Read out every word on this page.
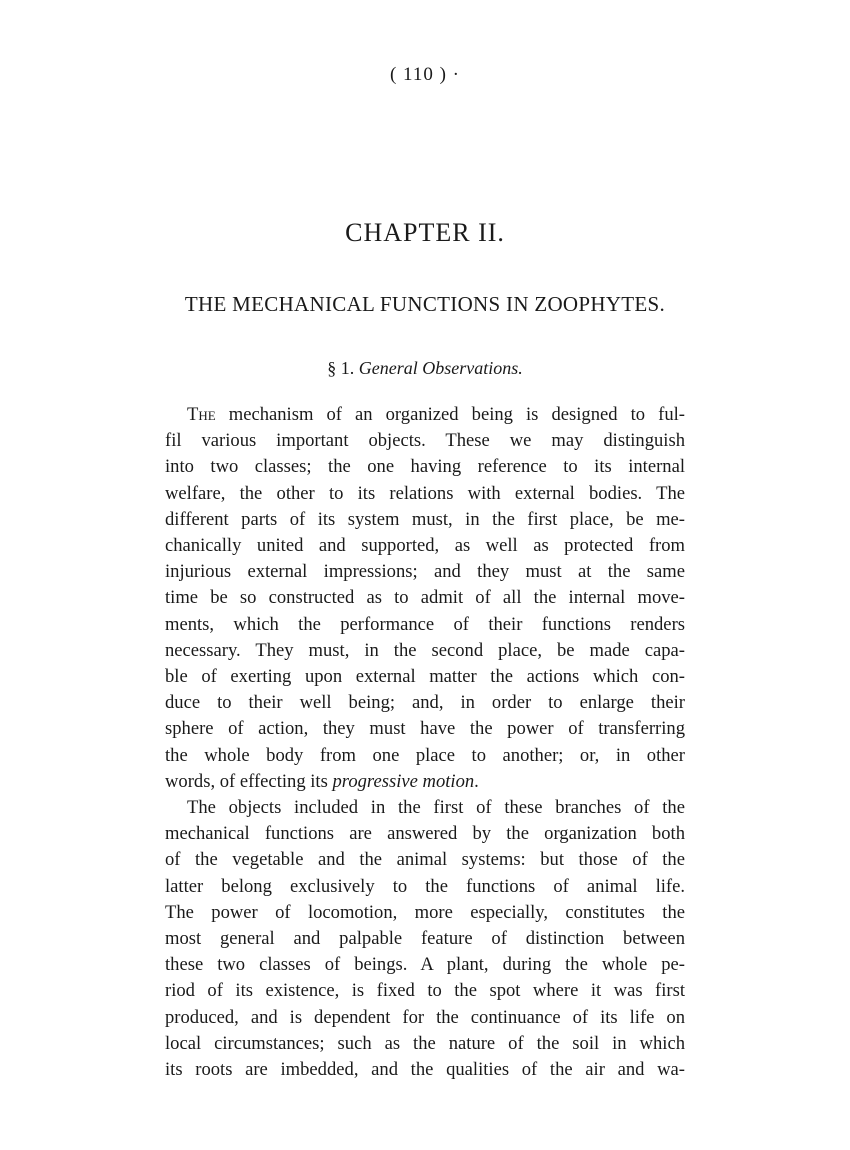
( 110 ) ·
CHAPTER II.
THE MECHANICAL FUNCTIONS IN ZOOPHYTES.
§ 1. General Observations.
The mechanism of an organized being is designed to ful-
fil various important objects. These we may distinguish
into two classes; the one having reference to its internal
welfare, the other to its relations with external bodies. The
different parts of its system must, in the first place, be me-
chanically united and supported, as well as protected from
injurious external impressions; and they must at the same
time be so constructed as to admit of all the internal move-
ments, which the performance of their functions renders
necessary. They must, in the second place, be made capa-
ble of exerting upon external matter the actions which con-
duce to their well being; and, in order to enlarge their
sphere of action, they must have the power of transferring
the whole body from one place to another; or, in other
words, of effecting its progressive motion.
The objects included in the first of these branches of the
mechanical functions are answered by the organization both
of the vegetable and the animal systems: but those of the
latter belong exclusively to the functions of animal life.
The power of locomotion, more especially, constitutes the
most general and palpable feature of distinction between
these two classes of beings. A plant, during the whole pe-
riod of its existence, is fixed to the spot where it was first
produced, and is dependent for the continuance of its life on
local circumstances; such as the nature of the soil in which
its roots are imbedded, and the qualities of the air and wa-
